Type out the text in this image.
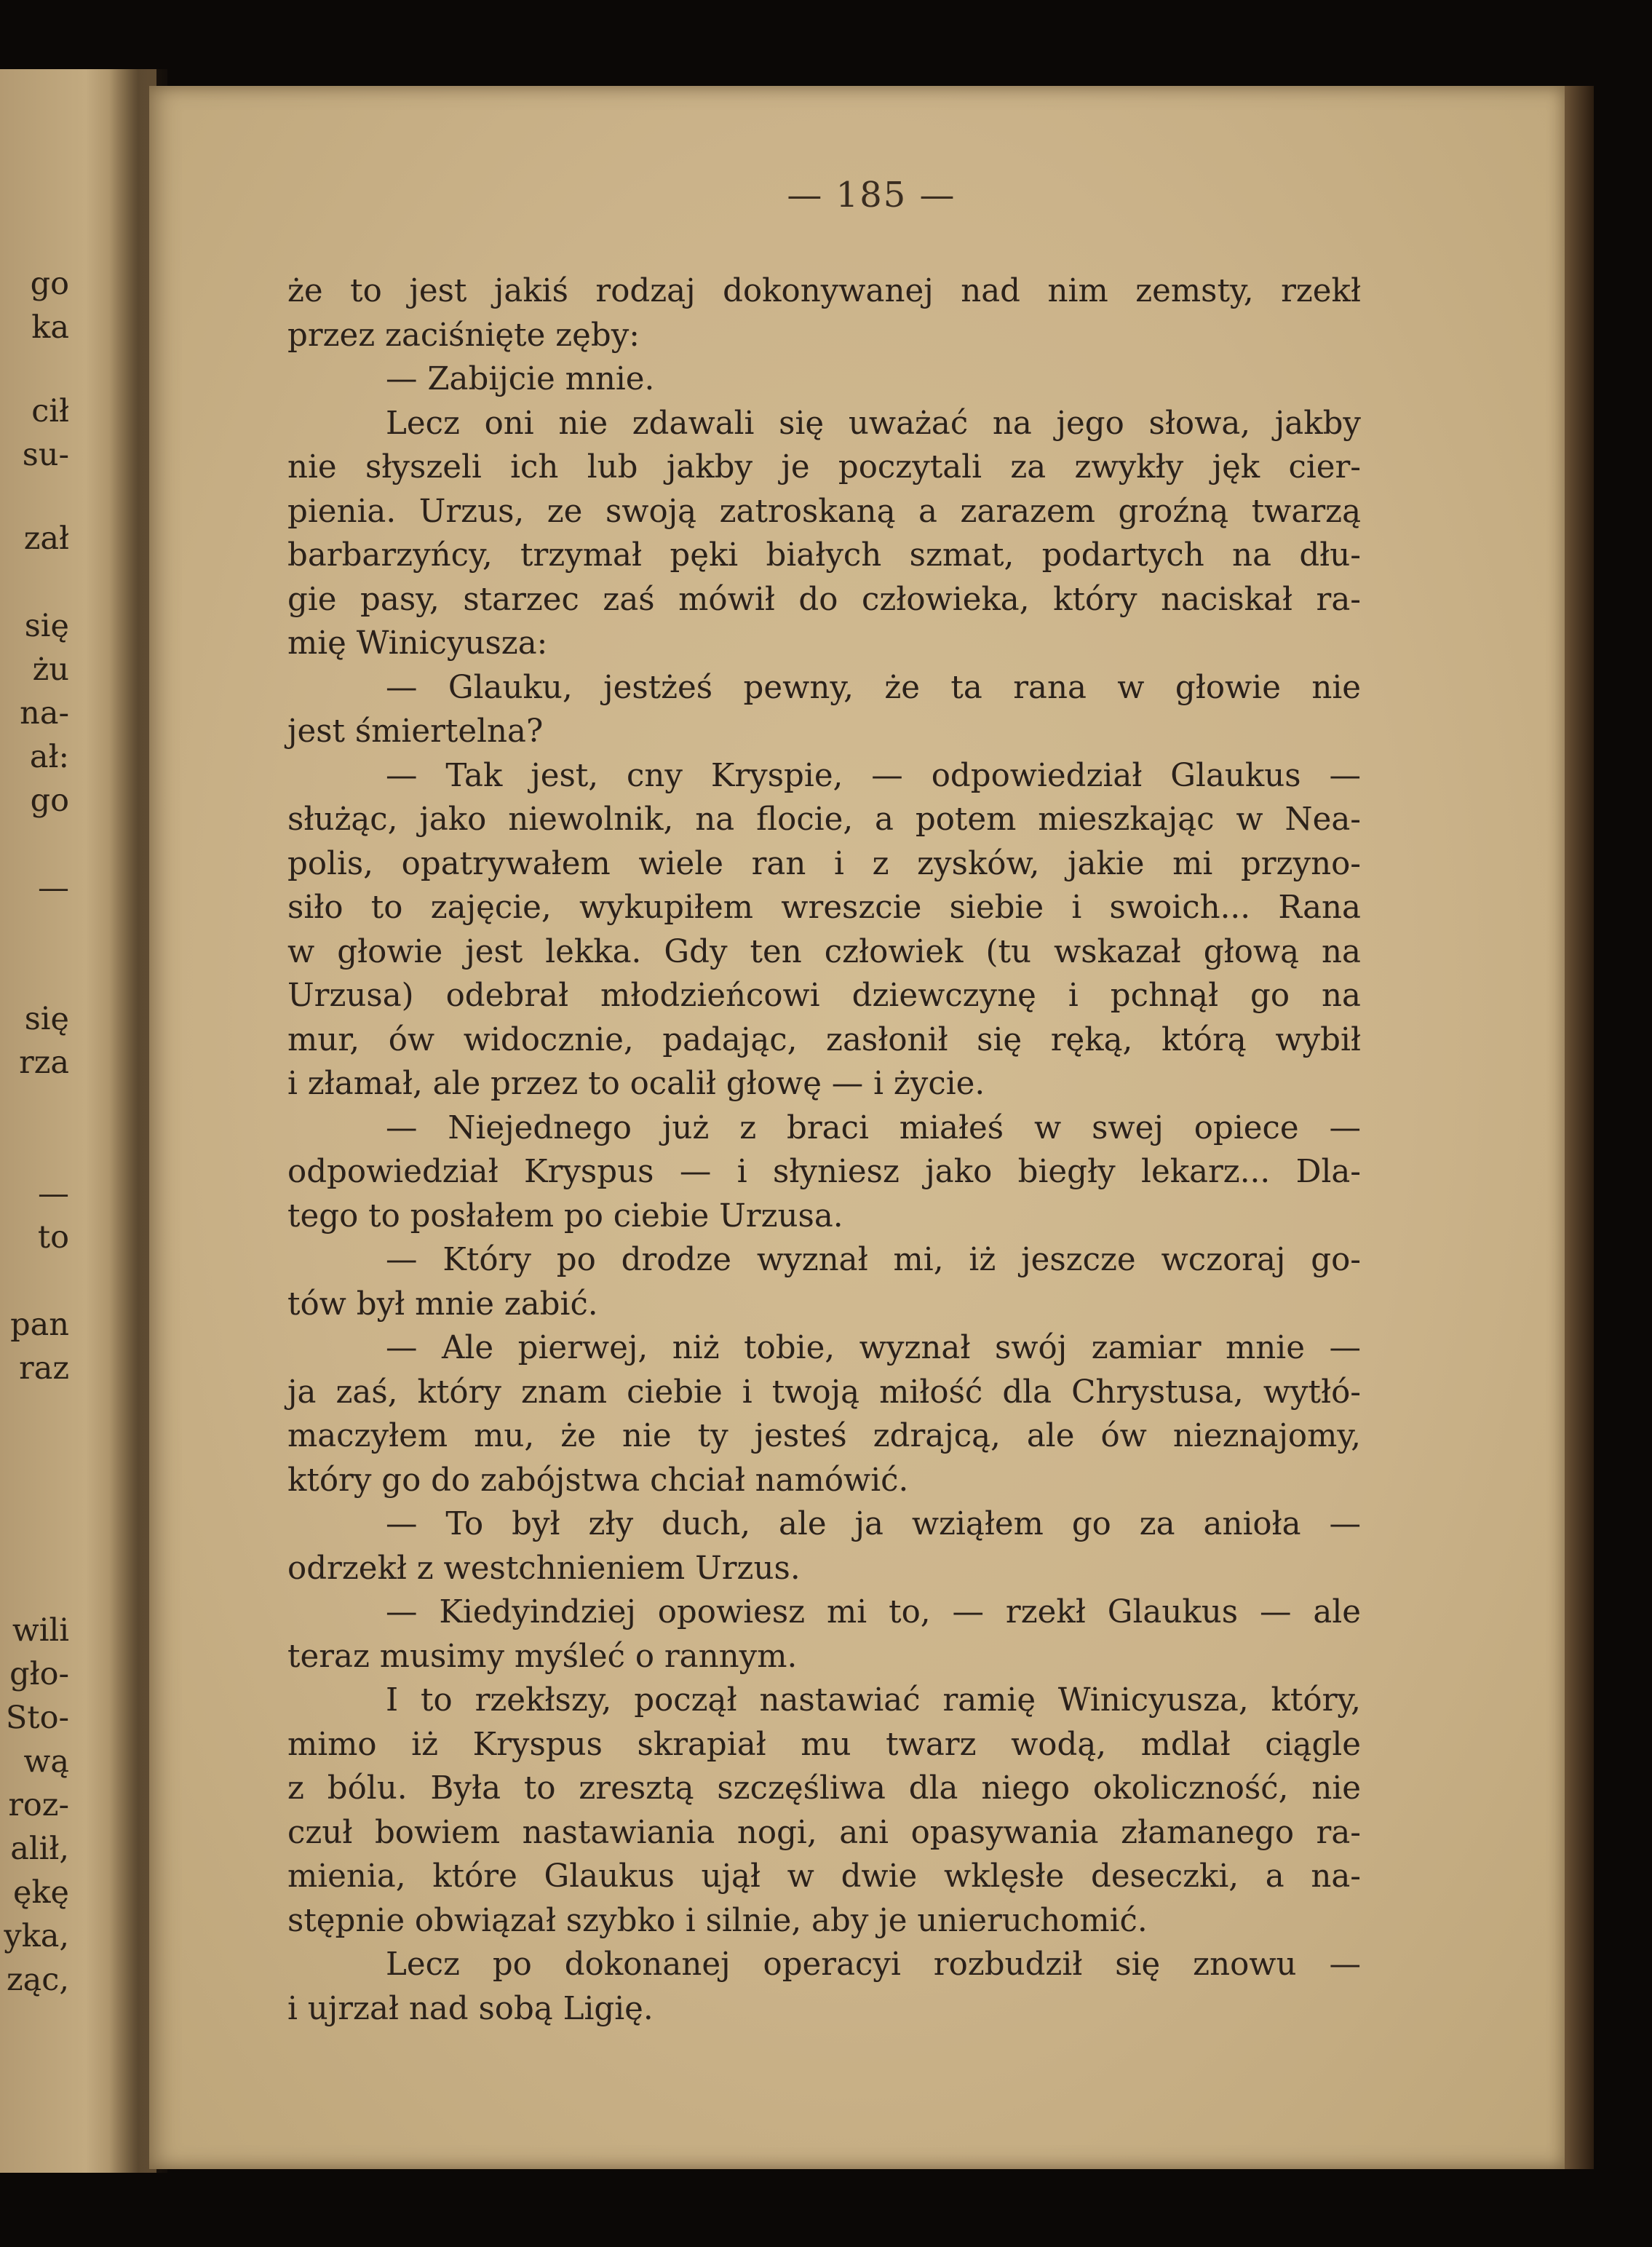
go
ka
cił
su-
zał
się
żu
na-
ał:
go
—
się
rza
—
to
pan
raz
wili
gło-
Sto-
wą
roz-
alił,
ękę
yka,
ząc,
— 185 —
że to jest jakiś rodzaj dokonywanej nad nim zemsty, rzekł
przez zaciśnięte zęby:
— Zabijcie mnie.
Lecz oni nie zdawali się uważać na jego słowa, jakby
nie słyszeli ich lub jakby je poczytali za zwykły jęk cier-
pienia. Urzus, ze swoją zatroskaną a zarazem groźną twarzą
barbarzyńcy, trzymał pęki białych szmat, podartych na dłu-
gie pasy, starzec zaś mówił do człowieka, który naciskał ra-
mię Winicyusza:
— Glauku, jestżeś pewny, że ta rana w głowie nie
jest śmiertelna?
— Tak jest, cny Kryspie, — odpowiedział Glaukus —
służąc, jako niewolnik, na flocie, a potem mieszkając w Nea-
polis, opatrywałem wiele ran i z zysków, jakie mi przyno-
siło to zajęcie, wykupiłem wreszcie siebie i swoich... Rana
w głowie jest lekka. Gdy ten człowiek (tu wskazał głową na
Urzusa) odebrał młodzieńcowi dziewczynę i pchnął go na
mur, ów widocznie, padając, zasłonił się ręką, którą wybił
i złamał, ale przez to ocalił głowę — i życie.
— Niejednego już z braci miałeś w swej opiece —
odpowiedział Kryspus — i słyniesz jako biegły lekarz... Dla-
tego to posłałem po ciebie Urzusa.
— Który po drodze wyznał mi, iż jeszcze wczoraj go-
tów był mnie zabić.
— Ale pierwej, niż tobie, wyznał swój zamiar mnie —
ja zaś, który znam ciebie i twoją miłość dla Chrystusa, wytłó-
maczyłem mu, że nie ty jesteś zdrajcą, ale ów nieznajomy,
który go do zabójstwa chciał namówić.
— To był zły duch, ale ja wziąłem go za anioła —
odrzekł z westchnieniem Urzus.
— Kiedyindziej opowiesz mi to, — rzekł Glaukus — ale
teraz musimy myśleć o rannym.
I to rzekłszy, począł nastawiać ramię Winicyusza, który,
mimo iż Kryspus skrapiał mu twarz wodą, mdlał ciągle
z bólu. Była to zresztą szczęśliwa dla niego okoliczność, nie
czuł bowiem nastawiania nogi, ani opasywania złamanego ra-
mienia, które Glaukus ujął w dwie wklęsłe deseczki, a na-
stępnie obwiązał szybko i silnie, aby je unieruchomić.
Lecz po dokonanej operacyi rozbudził się znowu —
i ujrzał nad sobą Ligię.
